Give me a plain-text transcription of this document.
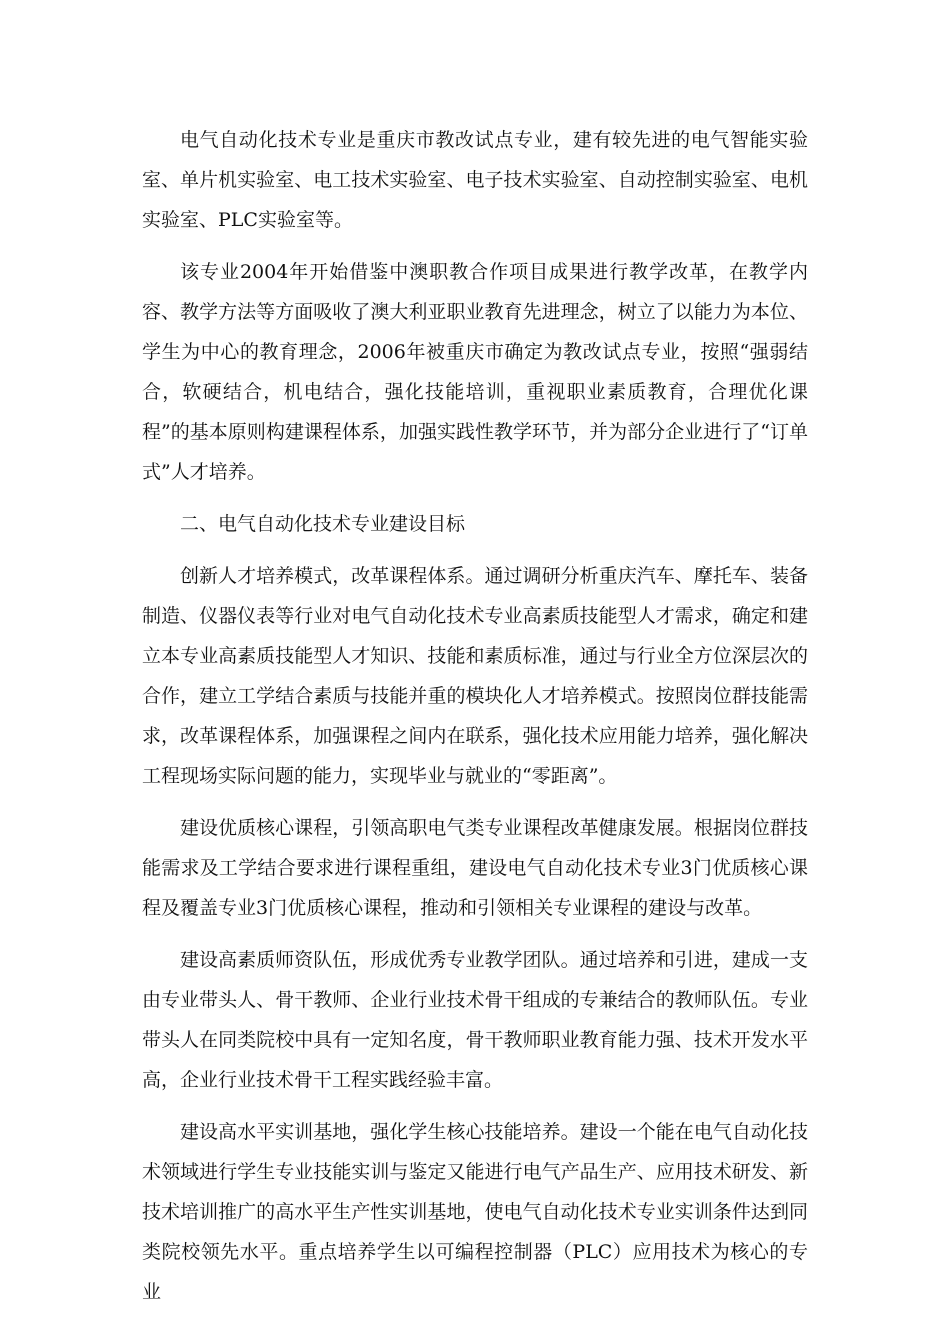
电气自动化技术专业是重庆市教改试点专业，建有较先进的电气智能实验室、单片机实验室、电工技术实验室、电子技术实验室、自动控制实验室、电机实验室、PLC实验室等。

该专业2004年开始借鉴中澳职教合作项目成果进行教学改革，在教学内容、教学方法等方面吸收了澳大利亚职业教育先进理念，树立了以能力为本位、学生为中心的教育理念，2006年被重庆市确定为教改试点专业，按照“强弱结合，软硬结合，机电结合，强化技能培训，重视职业素质教育，合理优化课程”的基本原则构建课程体系，加强实践性教学环节，并为部分企业进行了“订单式”人才培养。

二、电气自动化技术专业建设目标

创新人才培养模式，改革课程体系。通过调研分析重庆汽车、摩托车、装备制造、仪器仪表等行业对电气自动化技术专业高素质技能型人才需求，确定和建立本专业高素质技能型人才知识、技能和素质标准，通过与行业全方位深层次的合作，建立工学结合素质与技能并重的模块化人才培养模式。按照岗位群技能需求，改革课程体系，加强课程之间内在联系，强化技术应用能力培养，强化解决工程现场实际问题的能力，实现毕业与就业的“零距离”。

建设优质核心课程，引领高职电气类专业课程改革健康发展。根据岗位群技能需求及工学结合要求进行课程重组，建设电气自动化技术专业3门优质核心课程及覆盖专业3门优质核心课程，推动和引领相关专业课程的建设与改革。

建设高素质师资队伍，形成优秀专业教学团队。通过培养和引进，建成一支由专业带头人、骨干教师、企业行业技术骨干组成的专兼结合的教师队伍。专业带头人在同类院校中具有一定知名度，骨干教师职业教育能力强、技术开发水平高，企业行业技术骨干工程实践经验丰富。

建设高水平实训基地，强化学生核心技能培养。建设一个能在电气自动化技术领域进行学生专业技能实训与鉴定又能进行电气产品生产、应用技术研发、新技术培训推广的高水平生产性实训基地，使电气自动化技术专业实训条件达到同类院校领先水平。重点培养学生以可编程控制器（PLC）应用技术为核心的专业
